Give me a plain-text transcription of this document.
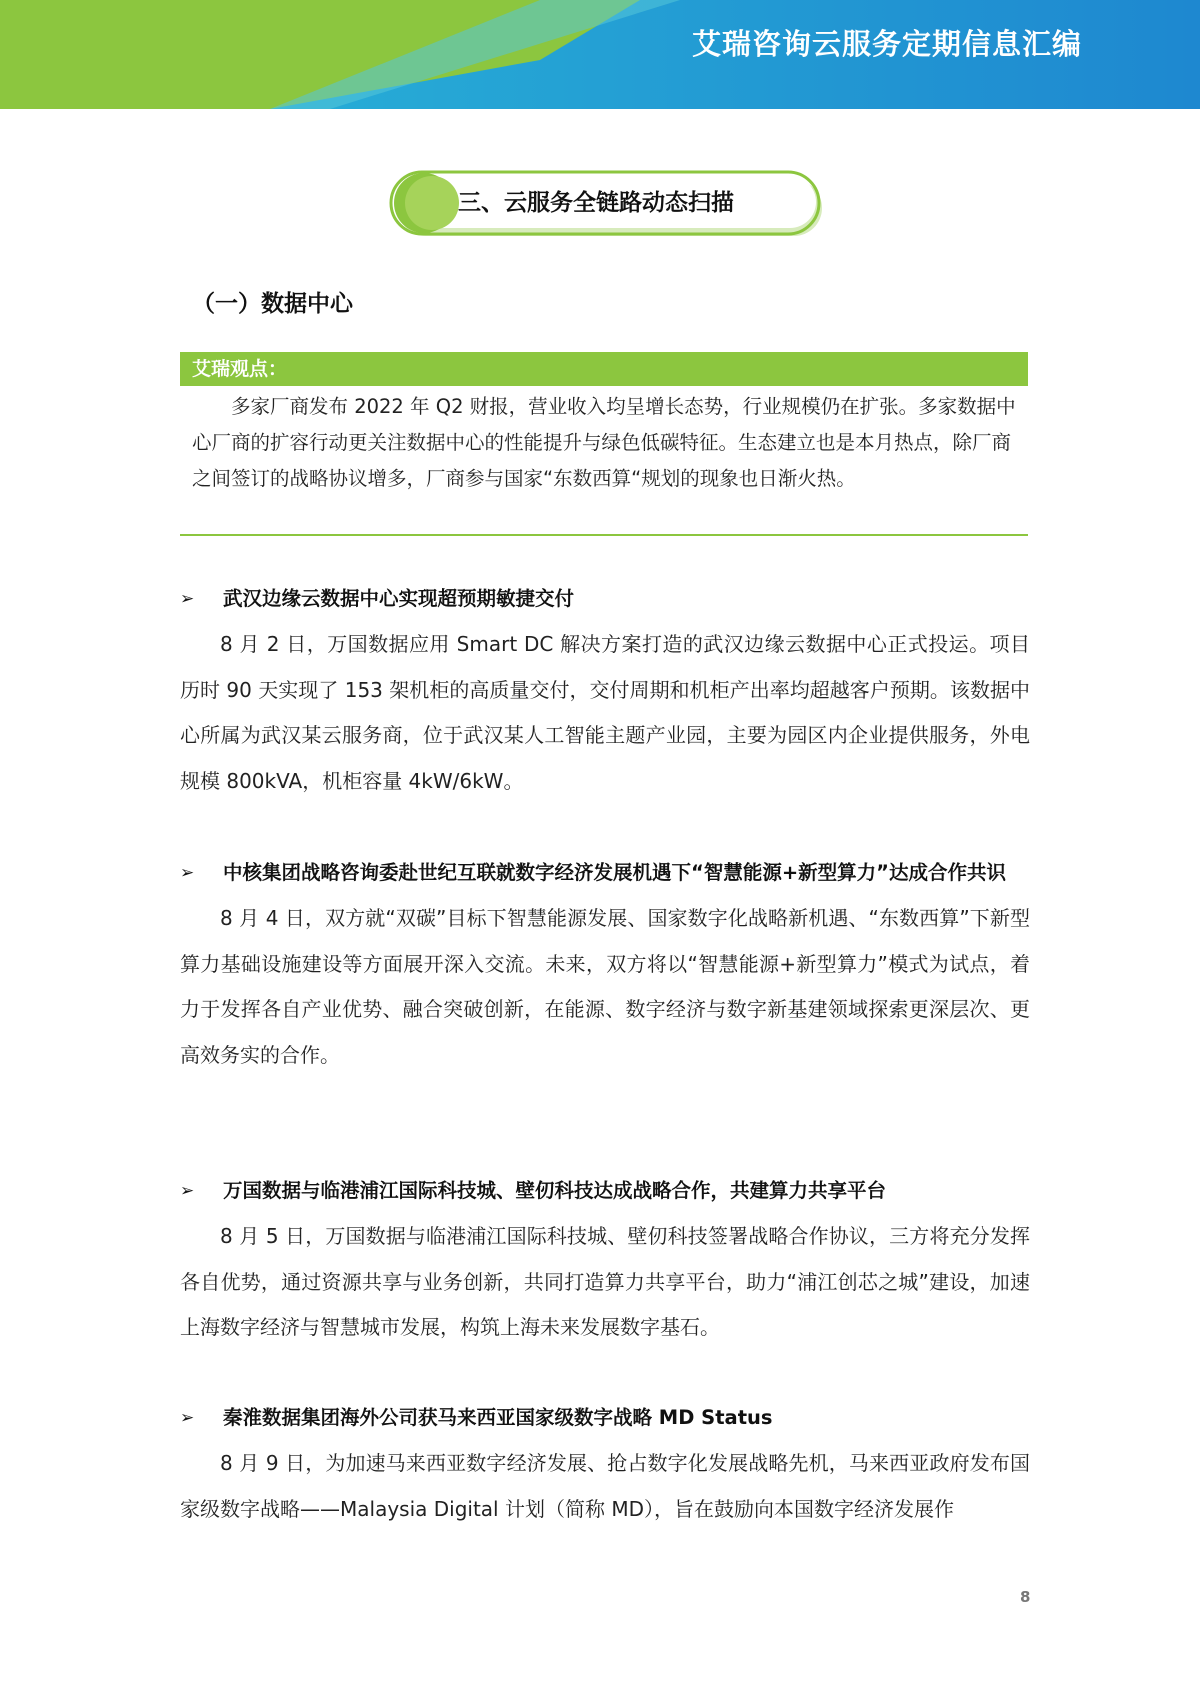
艾瑞咨询云服务定期信息汇编
三、云服务全链路动态扫描
（一）数据中心
艾瑞观点：
多家厂商发布 2022 年 Q2 财报，营业收入均呈增长态势，行业规模仍在扩张。多家数据中心厂商的扩容行动更关注数据中心的性能提升与绿色低碳特征。生态建立也是本月热点，除厂商之间签订的战略协议增多，厂商参与国家“东数西算“规划的现象也日渐火热。
➢ 武汉边缘云数据中心实现超预期敏捷交付
8 月 2 日，万国数据应用 Smart DC 解决方案打造的武汉边缘云数据中心正式投运。项目历时 90 天实现了 153 架机柜的高质量交付，交付周期和机柜产出率均超越客户预期。该数据中心所属为武汉某云服务商，位于武汉某人工智能主题产业园，主要为园区内企业提供服务，外电规模 800kVA，机柜容量 4kW/6kW。
➢ 中核集团战略咨询委赴世纪互联就数字经济发展机遇下“智慧能源+新型算力”达成合作共识
8 月 4 日，双方就“双碳”目标下智慧能源发展、国家数字化战略新机遇、“东数西算”下新型算力基础设施建设等方面展开深入交流。未来，双方将以“智慧能源+新型算力”模式为试点，着力于发挥各自产业优势、融合突破创新，在能源、数字经济与数字新基建领域探索更深层次、更高效务实的合作。
➢ 万国数据与临港浦江国际科技城、壁仞科技达成战略合作，共建算力共享平台
8 月 5 日，万国数据与临港浦江国际科技城、壁仞科技签署战略合作协议，三方将充分发挥各自优势，通过资源共享与业务创新，共同打造算力共享平台，助力“浦江创芯之城”建设，加速上海数字经济与智慧城市发展，构筑上海未来发展数字基石。
➢ 秦淮数据集团海外公司获马来西亚国家级数字战略 MD Status
8 月 9 日，为加速马来西亚数字经济发展、抢占数字化发展战略先机，马来西亚政府发布国家级数字战略——Malaysia Digital 计划（简称 MD），旨在鼓励向本国数字经济发展作
8
